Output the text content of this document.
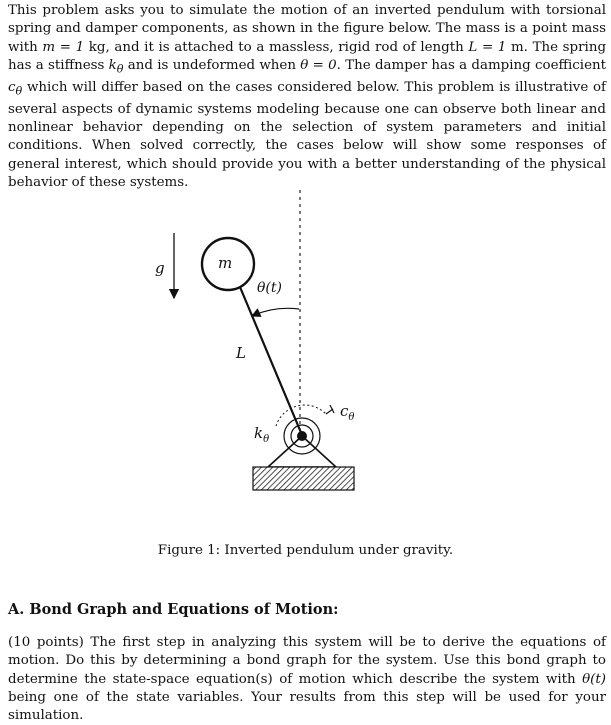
This problem asks you to simulate the motion of an inverted pendulum with torsional spring and damper components, as shown in the figure below. The mass is a point mass with m = 1 kg, and it is attached to a massless, rigid rod of length L = 1 m. The spring has a stiffness $k_\theta$ and is undeformed when θ = 0. The damper has a damping coefficient $c_\theta$ which will differ based on the cases considered below. This problem is illustrative of several aspects of dynamic systems modeling because one can observe both linear and nonlinear behavior depending on the selection of system parameters and initial conditions. When solved correctly, the cases below will show some responses of general interest, which should provide you with a better understanding of the physical behavior of these systems.

g	m
θ(t)
L
$k_\theta$
$c_\theta$
Figure 1: Inverted pendulum under gravity.
A. Bond Graph and Equations of Motion:

(10 points) The first step in analyzing this system will be to derive the equations of motion. Do this by determining a bond graph for the system. Use this bond graph to determine the state-space equation(s) of motion which describe the system with θ(t) being one of the state variables. Your results from this step will be used for your simulation.
